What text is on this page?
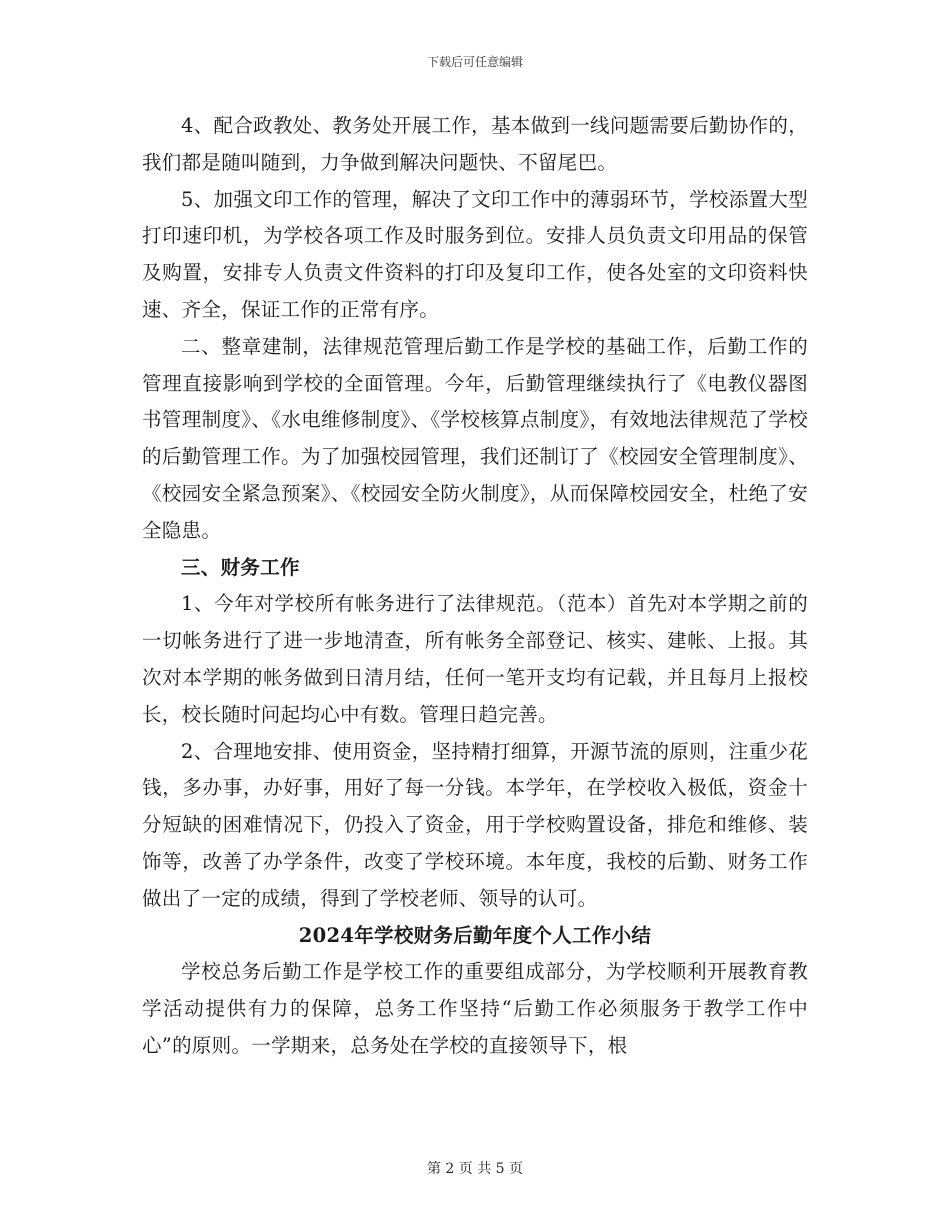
下载后可任意编辑

4、配合政教处、教务处开展工作，基本做到一线问题需要后勤协作的，我们都是随叫随到，力争做到解决问题快、不留尾巴。

5、加强文印工作的管理，解决了文印工作中的薄弱环节，学校添置大型打印速印机，为学校各项工作及时服务到位。安排人员负责文印用品的保管及购置，安排专人负责文件资料的打印及复印工作，使各处室的文印资料快速、齐全，保证工作的正常有序。

二、整章建制，法律规范管理后勤工作是学校的基础工作，后勤工作的管理直接影响到学校的全面管理。今年，后勤管理继续执行了《电教仪器图书管理制度》、《水电维修制度》、《学校核算点制度》，有效地法律规范了学校的后勤管理工作。为了加强校园管理，我们还制订了《校园安全管理制度》、《校园安全紧急预案》、《校园安全防火制度》，从而保障校园安全，杜绝了安全隐患。

三、财务工作

1、今年对学校所有帐务进行了法律规范。（范本）首先对本学期之前的一切帐务进行了进一步地清查，所有帐务全部登记、核实、建帐、上报。其次对本学期的帐务做到日清月结，任何一笔开支均有记载，并且每月上报校长，校长随时问起均心中有数。管理日趋完善。

2、合理地安排、使用资金，坚持精打细算，开源节流的原则，注重少花钱，多办事，办好事，用好了每一分钱。本学年，在学校收入极低，资金十分短缺的困难情况下，仍投入了资金，用于学校购置设备，排危和维修、装饰等，改善了办学条件，改变了学校环境。本年度，我校的后勤、财务工作做出了一定的成绩，得到了学校老师、领导的认可。

2024年学校财务后勤年度个人工作小结

学校总务后勤工作是学校工作的重要组成部分，为学校顺利开展教育教学活动提供有力的保障，总务工作坚持“后勤工作必须服务于教学工作中心”的原则。一学期来，总务处在学校的直接领导下，根

第 2 页 共 5 页
